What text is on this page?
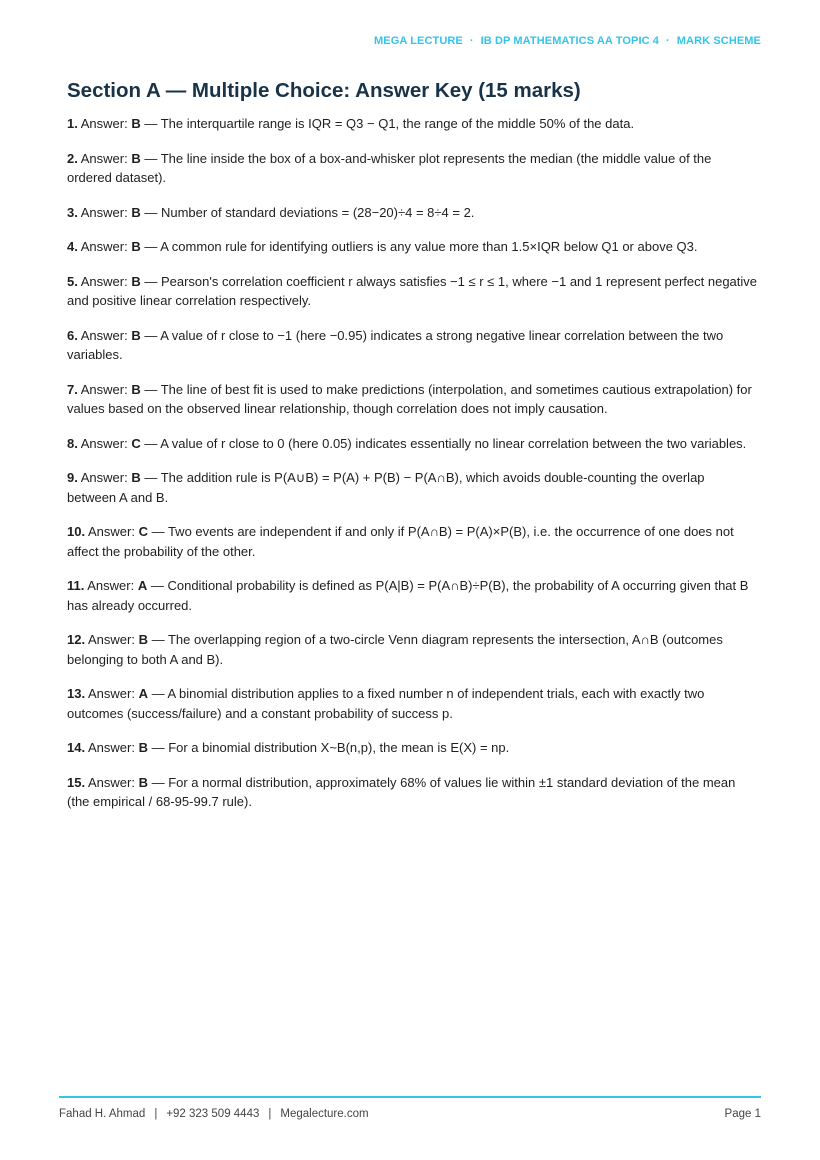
MEGA LECTURE · IB DP MATHEMATICS AA TOPIC 4 · MARK SCHEME
Section A — Multiple Choice: Answer Key (15 marks)

1. Answer: B — The interquartile range is IQR = Q3 − Q1, the range of the middle 50% of the data.

2. Answer: B — The line inside the box of a box-and-whisker plot represents the median (the middle value of the ordered dataset).

3. Answer: B — Number of standard deviations = (28−20)÷4 = 8÷4 = 2.

4. Answer: B — A common rule for identifying outliers is any value more than 1.5×IQR below Q1 or above Q3.

5. Answer: B — Pearson's correlation coefficient r always satisfies −1 ≤ r ≤ 1, where −1 and 1 represent perfect negative and positive linear correlation respectively.

6. Answer: B — A value of r close to −1 (here −0.95) indicates a strong negative linear correlation between the two variables.

7. Answer: B — The line of best fit is used to make predictions (interpolation, and sometimes cautious extrapolation) for values based on the observed linear relationship, though correlation does not imply causation.

8. Answer: C — A value of r close to 0 (here 0.05) indicates essentially no linear correlation between the two variables.

9. Answer: B — The addition rule is P(A∪B) = P(A) + P(B) − P(A∩B), which avoids double-counting the overlap between A and B.

10. Answer: C — Two events are independent if and only if P(A∩B) = P(A)×P(B), i.e. the occurrence of one does not affect the probability of the other.

11. Answer: A — Conditional probability is defined as P(A|B) = P(A∩B)÷P(B), the probability of A occurring given that B has already occurred.

12. Answer: B — The overlapping region of a two-circle Venn diagram represents the intersection, A∩B (outcomes belonging to both A and B).

13. Answer: A — A binomial distribution applies to a fixed number n of independent trials, each with exactly two outcomes (success/failure) and a constant probability of success p.

14. Answer: B — For a binomial distribution X~B(n,p), the mean is E(X) = np.

15. Answer: B — For a normal distribution, approximately 68% of values lie within ±1 standard deviation of the mean (the empirical / 68-95-99.7 rule).

Fahad H. Ahmad | +92 323 509 4443 | Megalecture.com	Page 1
